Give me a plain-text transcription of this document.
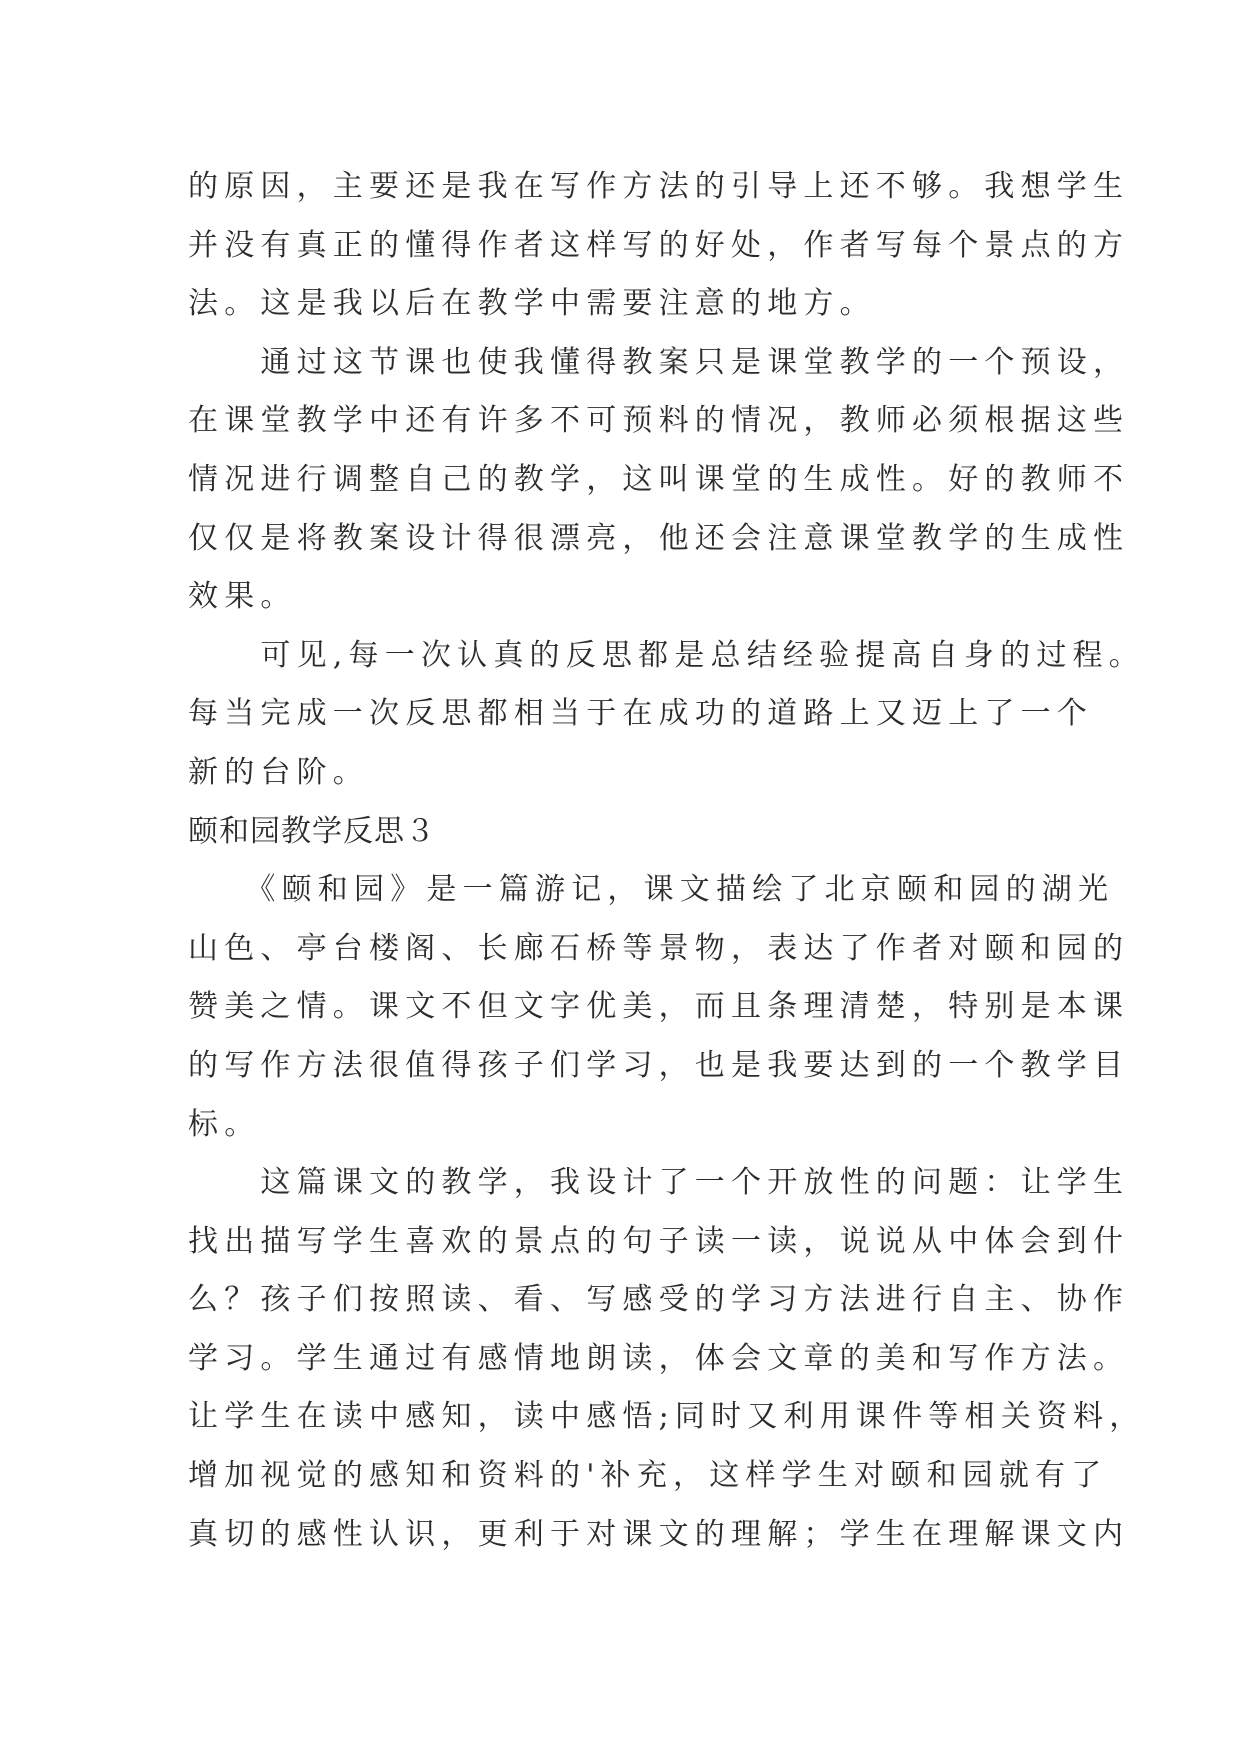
的原因，主要还是我在写作方法的引导上还不够。我想学生
并没有真正的懂得作者这样写的好处，作者写每个景点的方
法。这是我以后在教学中需要注意的地方。
　　通过这节课也使我懂得教案只是课堂教学的一个预设，
在课堂教学中还有许多不可预料的情况，教师必须根据这些
情况进行调整自己的教学，这叫课堂的生成性。好的教师不
仅仅是将教案设计得很漂亮，他还会注意课堂教学的生成性
效果。
　　可见,每一次认真的反思都是总结经验提高自身的过程。
每当完成一次反思都相当于在成功的道路上又迈上了一个
新的台阶。
颐和园教学反思３
　　《颐和园》是一篇游记，课文描绘了北京颐和园的湖光
山色、亭台楼阁、长廊石桥等景物，表达了作者对颐和园的
赞美之情。课文不但文字优美，而且条理清楚，特别是本课
的写作方法很值得孩子们学习，也是我要达到的一个教学目
标。
　　这篇课文的教学，我设计了一个开放性的问题：让学生
找出描写学生喜欢的景点的句子读一读，说说从中体会到什
么？孩子们按照读、看、写感受的学习方法进行自主、协作
学习。学生通过有感情地朗读，体会文章的美和写作方法。
让学生在读中感知，读中感悟;同时又利用课件等相关资料，
增加视觉的感知和资料的'补充，这样学生对颐和园就有了
真切的感性认识，更利于对课文的理解；学生在理解课文内
